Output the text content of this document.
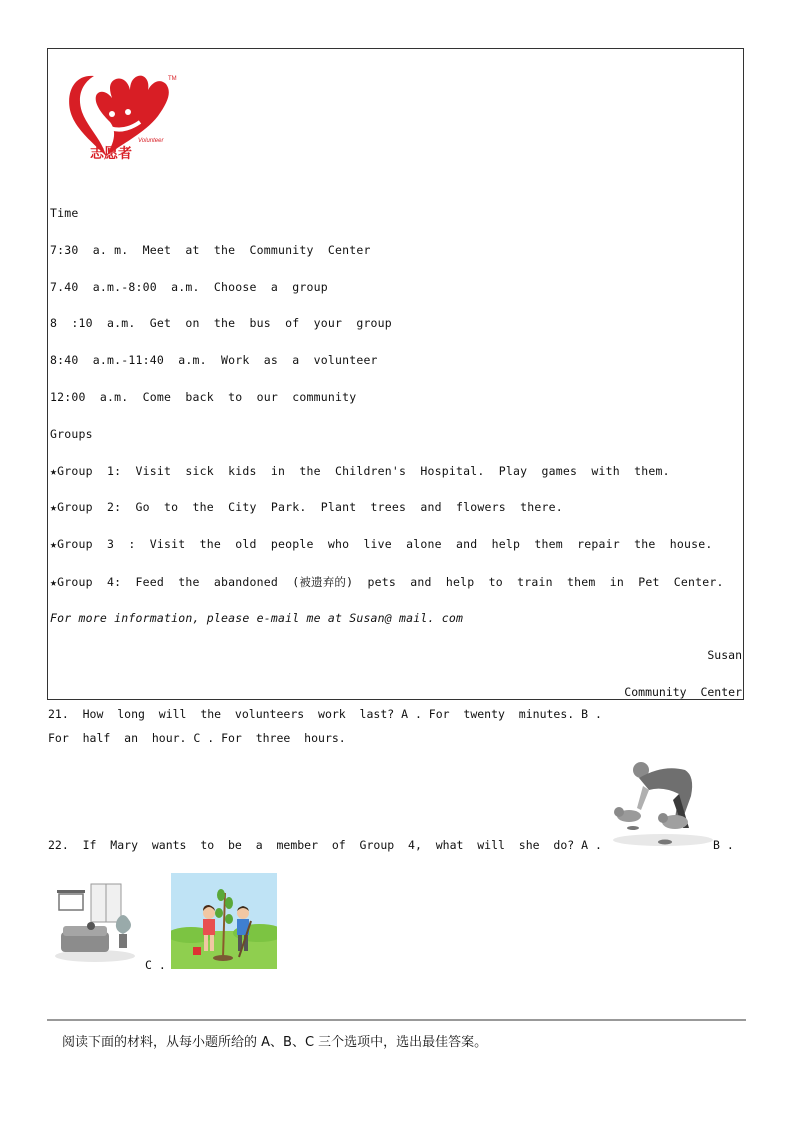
TM
Volunteer
志愿者
Time
7:30  a. m.  Meet  at  the  Community  Center
7.40  a.m.-8:00  a.m.  Choose  a  group
8  :10  a.m.  Get  on  the  bus  of  your  group
8:40  a.m.-11:40  a.m.  Work  as  a  volunteer
12:00  a.m.  Come  back  to  our  community
Groups
★Group  1:  Visit  sick  kids  in  the  Children's  Hospital.  Play  games  with  them.
★Group  2:  Go  to  the  City  Park.  Plant  trees  and  flowers  there.
★Group  3  :  Visit  the  old  people  who  live  alone  and  help  them  repair  the  house.
★Group  4:  Feed  the  abandoned  (被遗弃的)  pets  and  help  to  train  them  in  Pet  Center.
For more information, please e-mail me at Susan@ mail. com
Susan
Community  Center
21.  How  long  will  the  volunteers  work  last? A . For  twenty  minutes. B .
For  half  an  hour. C . For  three  hours.
22.  If  Mary  wants  to  be  a  member  of  Group  4,  what  will  she  do? A .	B .
C .
阅读下面的材料，从每小题所给的 A、B、C 三个选项中，选出最佳答案。
